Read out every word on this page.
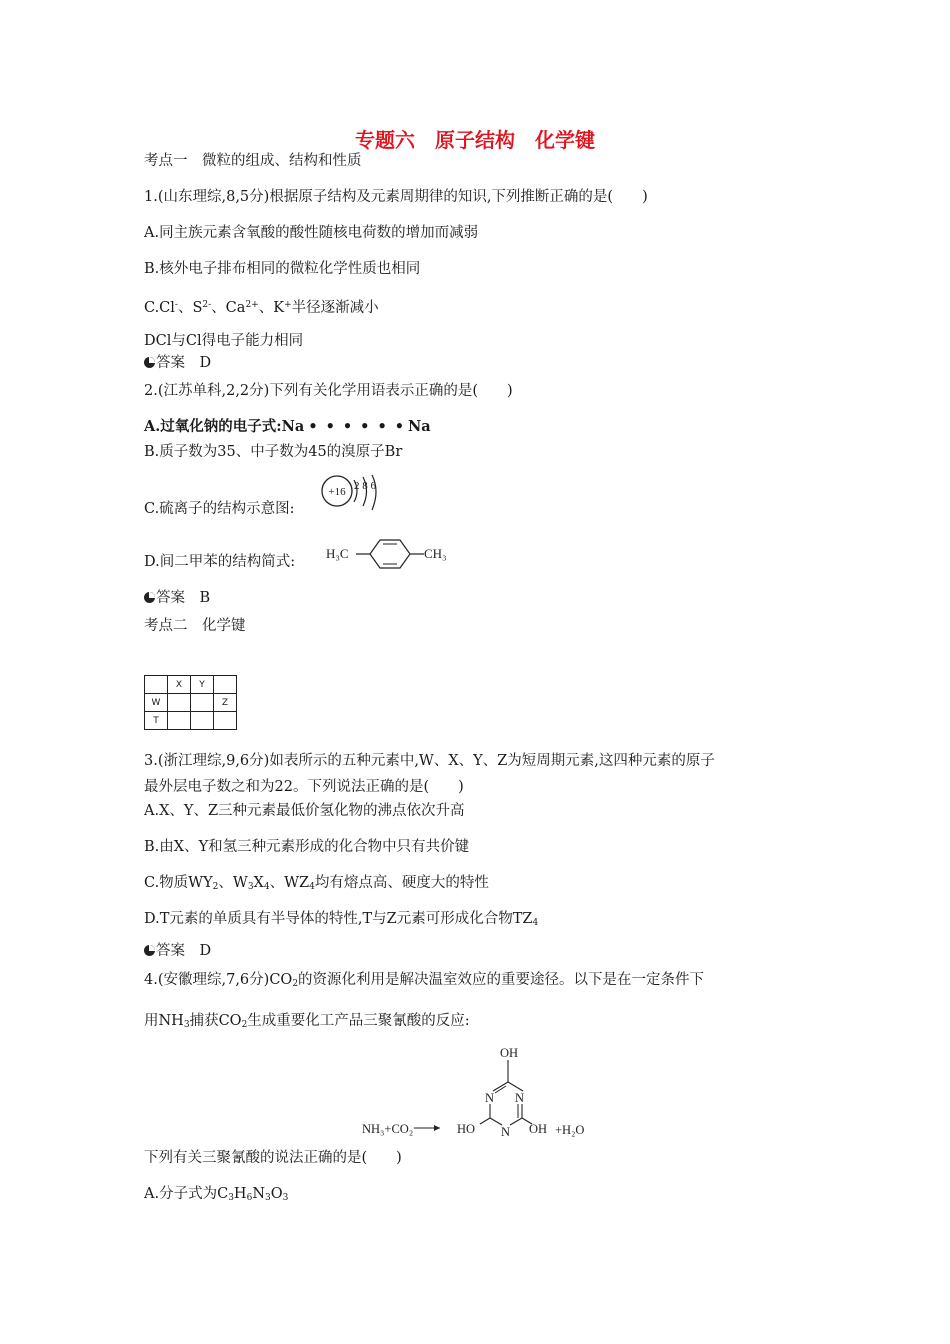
专题六　原子结构　化学键
考点一　微粒的组成、结构和性质
1.(山东理综,8,5分)根据原子结构及元素周期律的知识,下列推断正确的是(　　)
A.同主族元素含氧酸的酸性随核电荷数的增加而减弱
B.核外电子排布相同的微粒化学性质也相同
C.Cl-、$S^{2-}$、$Ca^{2+}$、K+半径逐渐减小
DCl与Cl得电子能力相同
答案　D
2.(江苏单科,2,2分)下列有关化学用语表示正确的是(　　)
A.过氧化钠的电子式:Na • • • • • • Na
B.质子数为35、中子数为45的溴原子Br
C.硫离子的结构示意图:
+16 2 8 6
D.间二甲苯的结构简式:
H₃C	CH₃
答案　B
考点二　化学键
	X	Y	
W			Z
T			
3.(浙江理综,9,6分)如表所示的五种元素中,W、X、Y、Z为短周期元素,这四种元素的原子
最外层电子数之和为22。下列说法正确的是(　　)
A.X、Y、Z三种元素最低价氢化物的沸点依次升高
B.由X、Y和氢三种元素形成的化合物中只有共价键
C.物质$WY_2$、$W_3X_4$、$WZ_4$均有熔点高、硬度大的特性
D.T元素的单质具有半导体的特性,T与Z元素可形成化合物$TZ_4$
答案　D
4.(安徽理综,7,6分)$CO_2$的资源化利用是解决温室效应的重要途径。以下是在一定条件下
用$NH_3$捕获$CO_2$生成重要化工产品三聚氰酸的反应:
NH₃+CO₂
OH
N N
N
HO	OH +H₂O
下列有关三聚氰酸的说法正确的是(　　)
A.分子式为$C_3H_6N_3O_3$
